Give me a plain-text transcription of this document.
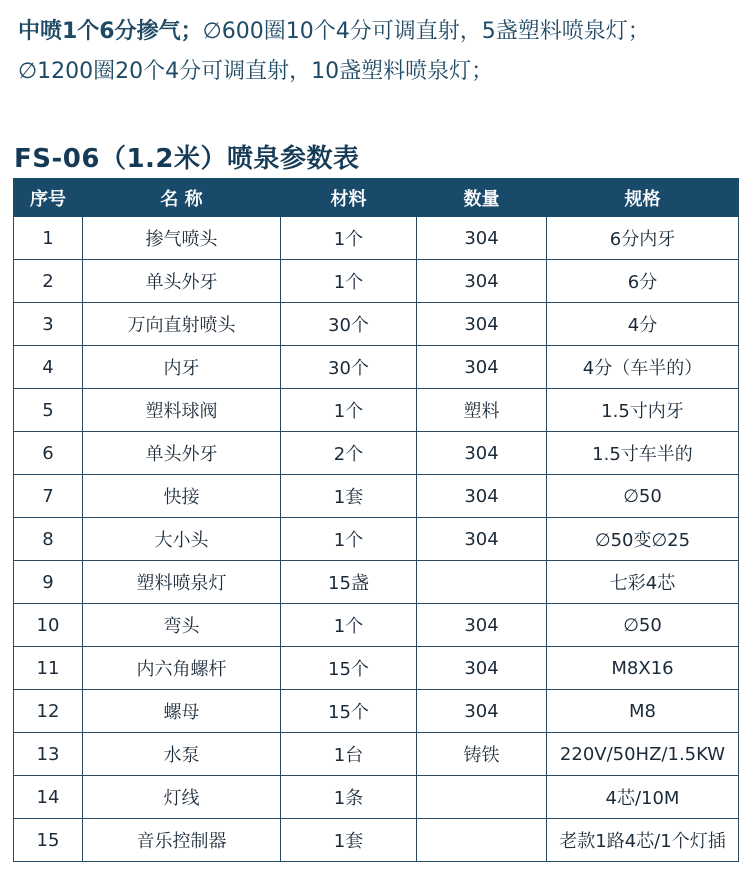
中喷1个6分掺气；∅600圈10个4分可调直射，5盏塑料喷泉灯；
∅1200圈20个4分可调直射，10盏塑料喷泉灯；
FS-06（1.2米）喷泉参数表
序号	名 称	材料	数量	规格
1	掺气喷头	1个	304	6分内牙
2	单头外牙	1个	304	6分
3	万向直射喷头	30个	304	4分
4	内牙	30个	304	4分（车半的）
5	塑料球阀	1个	塑料	1.5寸内牙
6	单头外牙	2个	304	1.5寸车半的
7	快接	1套	304	∅50
8	大小头	1个	304	∅50变∅25
9	塑料喷泉灯	15盏		七彩4芯
10	弯头	1个	304	∅50
11	内六角螺杆	15个	304	M8X16
12	螺母	15个	304	M8
13	水泵	1台	铸铁	220V/50HZ/1.5KW
14	灯线	1条		4芯/10M
15	音乐控制器	1套		老款1路4芯/1个灯插
